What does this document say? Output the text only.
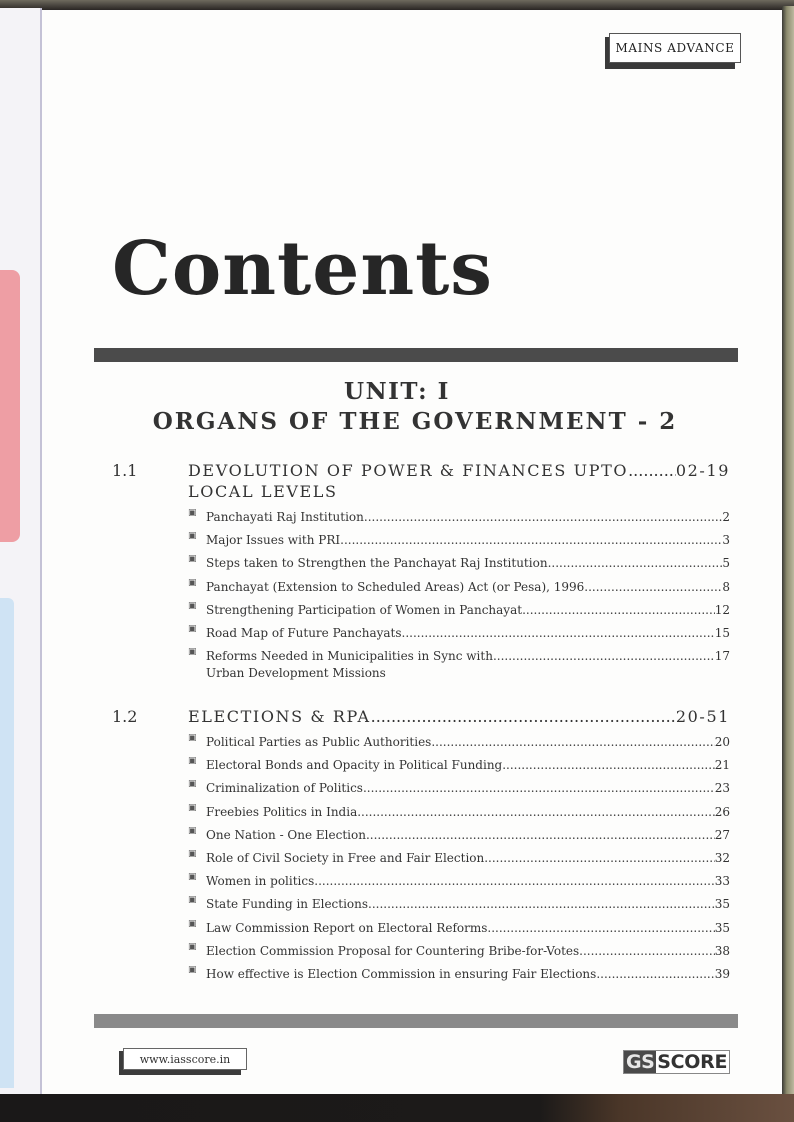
MAINS ADVANCE
Contents
UNIT: I
ORGANS OF THE GOVERNMENT - 2
1.1	DEVOLUTION OF POWER & FINANCES UPTO .....	02-19
LOCAL LEVELS
▣ Panchayati Raj Institution .....	2
▣ Major Issues with PRI .....	3
▣ Steps taken to Strengthen the Panchayat Raj Institution .....	5
▣ Panchayat (Extension to Scheduled Areas) Act (or Pesa), 1996 .....	8
▣ Strengthening Participation of Women in Panchayat .....	12
▣ Road Map of Future Panchayats .....	15
▣ Reforms Needed in Municipalities in Sync with .....	17
Urban Development Missions
1.2	ELECTIONS & RPA .....	20-51
▣ Political Parties as Public Authorities .....	20
▣ Electoral Bonds and Opacity in Political Funding .....	21
▣ Criminalization of Politics .....	23
▣ Freebies Politics in India .....	26
▣ One Nation - One Election .....	27
▣ Role of Civil Society in Free and Fair Election .....	32
▣ Women in politics .....	33
▣ State Funding in Elections .....	35
▣ Law Commission Report on Electoral Reforms .....	35
▣ Election Commission Proposal for Countering Bribe-for-Votes .....	38
▣ How effective is Election Commission in ensuring Fair Elections .....	39
www.iasscore.in	GS SCORE
